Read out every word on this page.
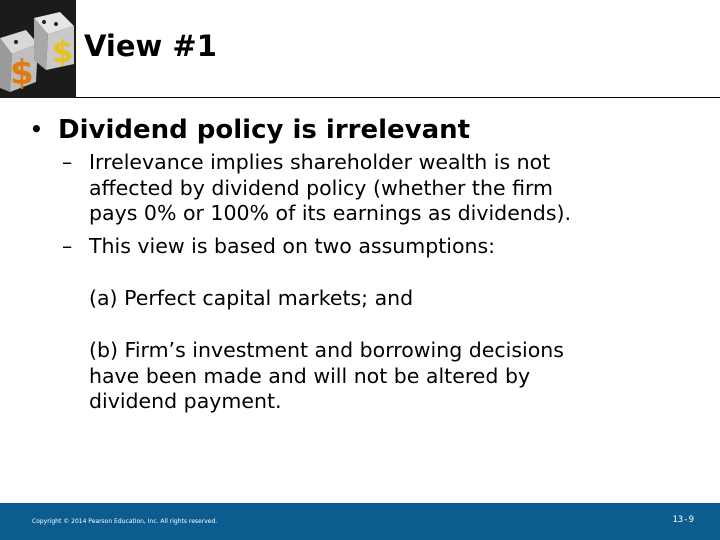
$
$ View #1
• Dividend policy is irrelevant
– Irrelevance implies shareholder wealth is not
affected by dividend policy (whether the firm
pays 0% or 100% of its earnings as dividends).
– This view is based on two assumptions:
(a) Perfect capital markets; and
(b) Firm’s investment and borrowing decisions
have been made and will not be altered by
dividend payment.
Copyright © 2014 Pearson Education, Inc. All rights reserved.	13-9
